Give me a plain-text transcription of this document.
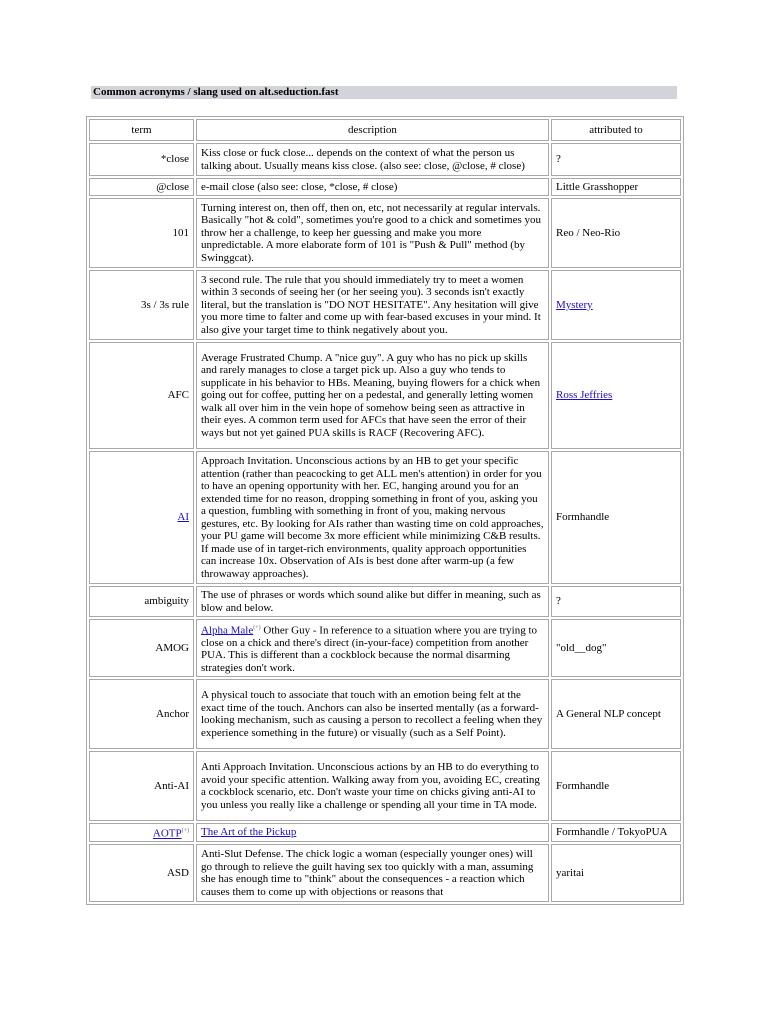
Common acronyms / slang used on alt.seduction.fast
term	description	attributed to
*close	Kiss close or fuck close... depends on the context of what the person us talking about. Usually means kiss close. (also see: close, @close, # close)	?
@close	e-mail close (also see: close, *close, # close)	Little Grasshopper
101	Turning interest on, then off, then on, etc, not necessarily at regular intervals. Basically "hot & cold", sometimes you're good to a chick and sometimes you throw her a challenge, to keep her guessing and make you more unpredictable. A more elaborate form of 101 is "Push & Pull" method (by Swinggcat).	Reo / Neo-Rio
3s / 3s rule	3 second rule. The rule that you should immediately try to meet a women within 3 seconds of seeing her (or her seeing you). 3 seconds isn't exactly literal, but the translation is "DO NOT HESITATE". Any hesitation will give you more time to falter and come up with fear-based excuses in your mind. It also give your target time to think negatively about you.	Mystery
AFC	Average Frustrated Chump. A "nice guy". A guy who has no pick up skills and rarely manages to close a target pick up. Also a guy who tends to supplicate in his behavior to HBs. Meaning, buying flowers for a chick when going out for coffee, putting her on a pedestal, and generally letting women walk all over him in the vein hope of somehow being seen as attractive in their eyes. A common term used for AFCs that have seen the error of their ways but not yet gained PUA skills is RACF (Recovering AFC).	Ross Jeffries
AI	Approach Invitation. Unconscious actions by an HB to get your specific attention (rather than peacocking to get ALL men's attention) in order for you to have an opening opportunity with her. EC, hanging around you for an extended time for no reason, dropping something in front of you, asking you a question, fumbling with something in front of you, making nervous gestures, etc. By looking for AIs rather than wasting time on cold approaches, your PU game will become 3x more efficient while minimizing C&B results. If made use of in target-rich environments, quality approach opportunities can increase 10x. Observation of AIs is best done after warm-up (a few throwaway approaches).	Formhandle
ambiguity	The use of phrases or words which sound alike but differ in meaning, such as blow and below.	?
AMOG	Alpha Male(+) Other Guy - In reference to a situation where you are trying to close on a chick and there's direct (in-your-face) competition from another PUA. This is different than a cockblock because the normal disarming strategies don't work.	"old__dog"
Anchor	A physical touch to associate that touch with an emotion being felt at the exact time of the touch. Anchors can also be inserted mentally (as a forward-looking mechanism, such as causing a person to recollect a feeling when they experience something in the future) or visually (such as a Self Point).	A General NLP concept
Anti-AI	Anti Approach Invitation. Unconscious actions by an HB to do everything to avoid your specific attention. Walking away from you, avoiding EC, creating a cockblock scenario, etc. Don't waste your time on chicks giving anti-AI to you unless you really like a challenge or spending all your time in TA mode.	Formhandle
AOTP(+)	The Art of the Pickup	Formhandle / TokyoPUA
ASD	Anti-Slut Defense. The chick logic a woman (especially younger ones) will go through to relieve the guilt having sex too quickly with a man, assuming she has enough time to "think" about the consequences - a reaction which causes them to come up with objections or reasons that	yaritai
